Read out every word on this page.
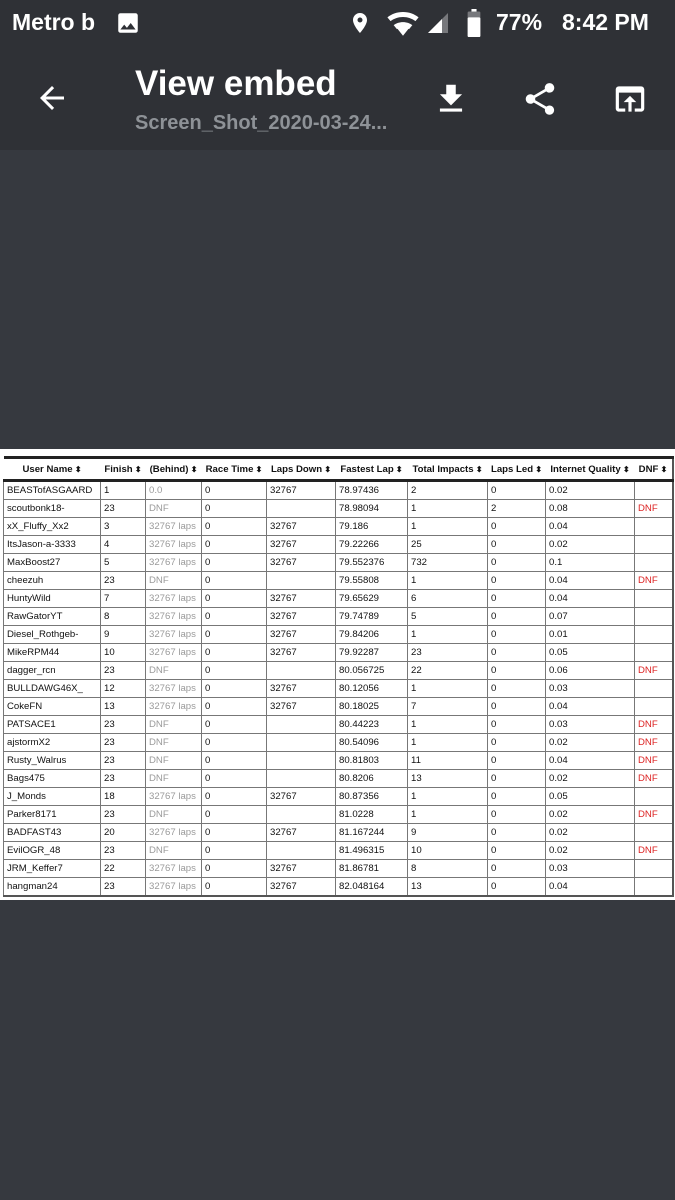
Metro b	77% 8:42 PM
View embed
Screen_Shot_2020-03-24...
User Name ⬍	Finish ⬍	(Behind) ⬍	Race Time ⬍	Laps Down ⬍	Fastest Lap ⬍	Total Impacts ⬍	Laps Led ⬍	Internet Quality ⬍	DNF ⬍
BEASTofASGAARD	1	0.0	0	32767	78.97436	2	0	0.02	
scoutbonk18-	23	DNF	0		78.98094	1	2	0.08	DNF
xX_Fluffy_Xx2	3	32767 laps	0	32767	79.186	1	0	0.04	
ItsJason-a-3333	4	32767 laps	0	32767	79.22266	25	0	0.02	
MaxBoost27	5	32767 laps	0	32767	79.552376	732	0	0.1	
cheezuh	23	DNF	0		79.55808	1	0	0.04	DNF
HuntyWild	7	32767 laps	0	32767	79.65629	6	0	0.04	
RawGatorYT	8	32767 laps	0	32767	79.74789	5	0	0.07	
Diesel_Rothgeb-	9	32767 laps	0	32767	79.84206	1	0	0.01	
MikeRPM44	10	32767 laps	0	32767	79.92287	23	0	0.05	
dagger_rcn	23	DNF	0		80.056725	22	0	0.06	DNF
BULLDAWG46X_	12	32767 laps	0	32767	80.12056	1	0	0.03	
CokeFN	13	32767 laps	0	32767	80.18025	7	0	0.04	
PATSACE1	23	DNF	0		80.44223	1	0	0.03	DNF
ajstormX2	23	DNF	0		80.54096	1	0	0.02	DNF
Rusty_Walrus	23	DNF	0		80.81803	11	0	0.04	DNF
Bags475	23	DNF	0		80.8206	13	0	0.02	DNF
J_Monds	18	32767 laps	0	32767	80.87356	1	0	0.05	
Parker8171	23	DNF	0		81.0228	1	0	0.02	DNF
BADFAST43	20	32767 laps	0	32767	81.167244	9	0	0.02	
EvilOGR_48	23	DNF	0		81.496315	10	0	0.02	DNF
JRM_Keffer7	22	32767 laps	0	32767	81.86781	8	0	0.03	
hangman24	23	32767 laps	0	32767	82.048164	13	0	0.04	
